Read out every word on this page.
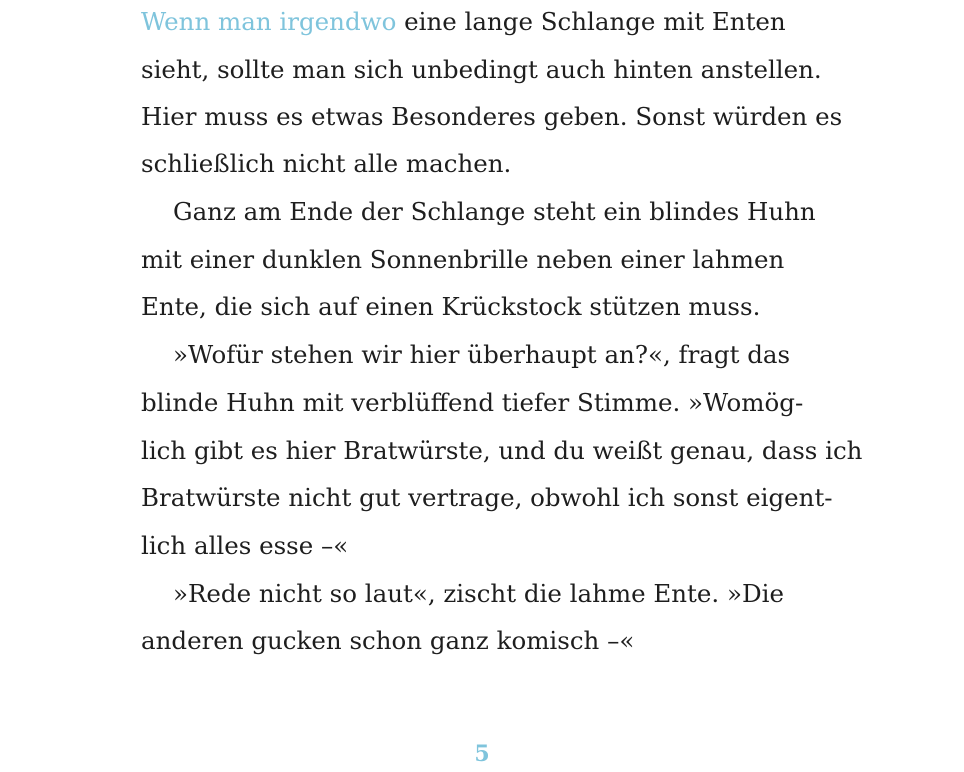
Wenn man irgendwo eine lange Schlange mit Enten
sieht, sollte man sich unbedingt auch hinten anstellen.
Hier muss es etwas Besonderes geben. Sonst würden es
schließlich nicht alle machen.
Ganz am Ende der Schlange steht ein blindes Huhn
mit einer dunklen Sonnenbrille neben einer lahmen
Ente, die sich auf einen Krückstock stützen muss.
»Wofür stehen wir hier überhaupt an?«, fragt das
blinde Huhn mit verblüffend tiefer Stimme. »Womög-
lich gibt es hier Bratwürste, und du weißt genau, dass ich
Bratwürste nicht gut vertrage, obwohl ich sonst eigent-
lich alles esse –«
»Rede nicht so laut«, zischt die lahme Ente. »Die
anderen gucken schon ganz komisch –«
5
